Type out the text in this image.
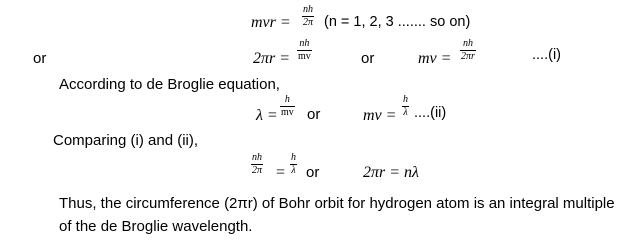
mvr = $\frac{nh}{2\pi} (n = 1$, 2, 3 ....... so on)
or	$2\pi r = \frac{nh}{mv}$	or	mv = $\frac{nh}{2\pi r}$	....(i)
According to de Broglie equation,
$\lambda = \frac{h}{mv}$ or	mv = $\frac{h}{\lambda} ....(ii)$
Comparing (i) and (ii),
$\frac{nh}{2\pi} = \frac{h}{\lambda}$ or	2πr = nλ
Thus, the circumference (2πr) of Bohr orbit for hydrogen atom is an integral multiple of the de Broglie wavelength.
